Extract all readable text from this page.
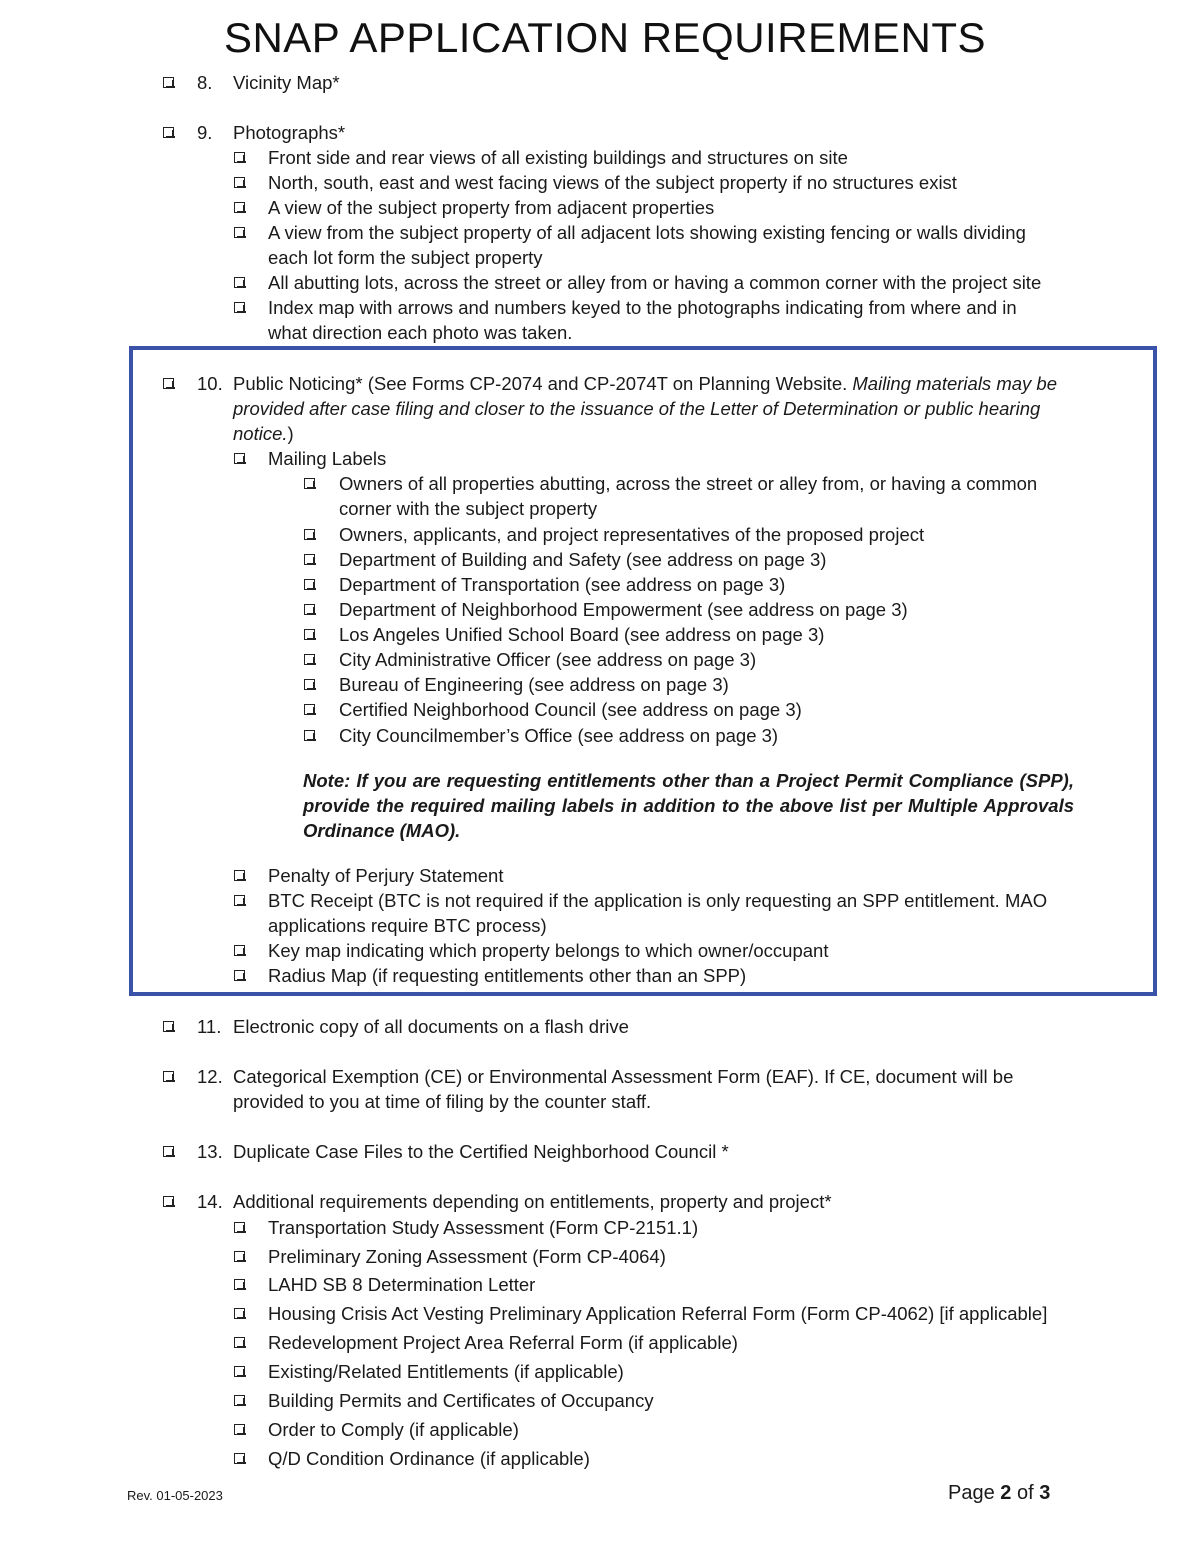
SNAP APPLICATION REQUIREMENTS
8. Vicinity Map*
9. Photographs*
Front side and rear views of all existing buildings and structures on site
North, south, east and west facing views of the subject property if no structures exist
A view of the subject property from adjacent properties
A view from the subject property of all adjacent lots showing existing fencing or walls dividing
each lot form the subject property
All abutting lots, across the street or alley from or having a common corner with the project site
Index map with arrows and numbers keyed to the photographs indicating from where and in
what direction each photo was taken.
10. Public Noticing* (See Forms CP-2074 and CP-2074T on Planning Website. Mailing materials may be
provided after case filing and closer to the issuance of the Letter of Determination or public hearing
notice.)
Mailing Labels
Owners of all properties abutting, across the street or alley from, or having a common
corner with the subject property
Owners, applicants, and project representatives of the proposed project
Department of Building and Safety (see address on page 3)
Department of Transportation (see address on page 3)
Department of Neighborhood Empowerment (see address on page 3)
Los Angeles Unified School Board (see address on page 3)
City Administrative Officer (see address on page 3)
Bureau of Engineering (see address on page 3)
Certified Neighborhood Council (see address on page 3)
City Councilmember’s Office (see address on page 3)
Note: If you are requesting entitlements other than a Project Permit Compliance (SPP), provide the required mailing labels in addition to the above list per Multiple Approvals Ordinance (MAO).
Penalty of Perjury Statement
BTC Receipt (BTC is not required if the application is only requesting an SPP entitlement. MAO
applications require BTC process)
Key map indicating which property belongs to which owner/occupant
Radius Map (if requesting entitlements other than an SPP)
11. Electronic copy of all documents on a flash drive
12. Categorical Exemption (CE) or Environmental Assessment Form (EAF). If CE, document will be
provided to you at time of filing by the counter staff.
13. Duplicate Case Files to the Certified Neighborhood Council *
14. Additional requirements depending on entitlements, property and project*
Transportation Study Assessment (Form CP-2151.1)
Preliminary Zoning Assessment (Form CP-4064)
LAHD SB 8 Determination Letter
Housing Crisis Act Vesting Preliminary Application Referral Form (Form CP-4062) [if applicable]
Redevelopment Project Area Referral Form (if applicable)
Existing/Related Entitlements (if applicable)
Building Permits and Certificates of Occupancy
Order to Comply (if applicable)
Q/D Condition Ordinance (if applicable)
Rev. 01-05-2023	Page 2 of 3
